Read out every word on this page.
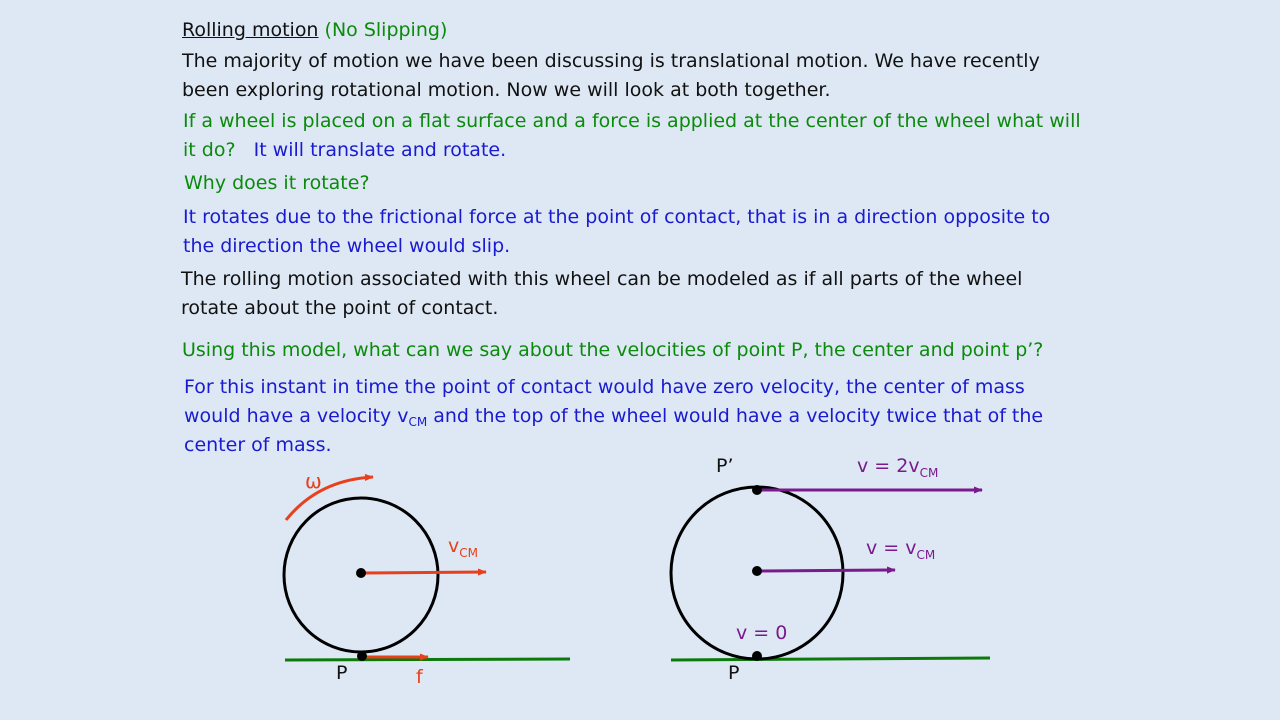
Rolling motion (No Slipping)

The majority of motion we have been discussing is translational motion. We have recently

been exploring rotational motion. Now we will look at both together.

If a wheel is placed on a flat surface and a force is applied at the center of the wheel what will

it do? It will translate and rotate.

Why does it rotate?

It rotates due to the frictional force at the point of contact, that is in a direction opposite to

the direction the wheel would slip.

The rolling motion associated with this wheel can be modeled as if all parts of the wheel

rotate about the point of contact.

Using this model, what can we say about the velocities of point P, the center and point p’?

For this instant in time the point of contact would have zero velocity, the center of mass

would have a velocity $v_{CM}$ and the top of the wheel would have a velocity twice that of the

center of mass.

ω
$v_{CM}$
P	f
P’	$v = 2v_{CM}$
$v = v_{CM}$
v = 0
P
